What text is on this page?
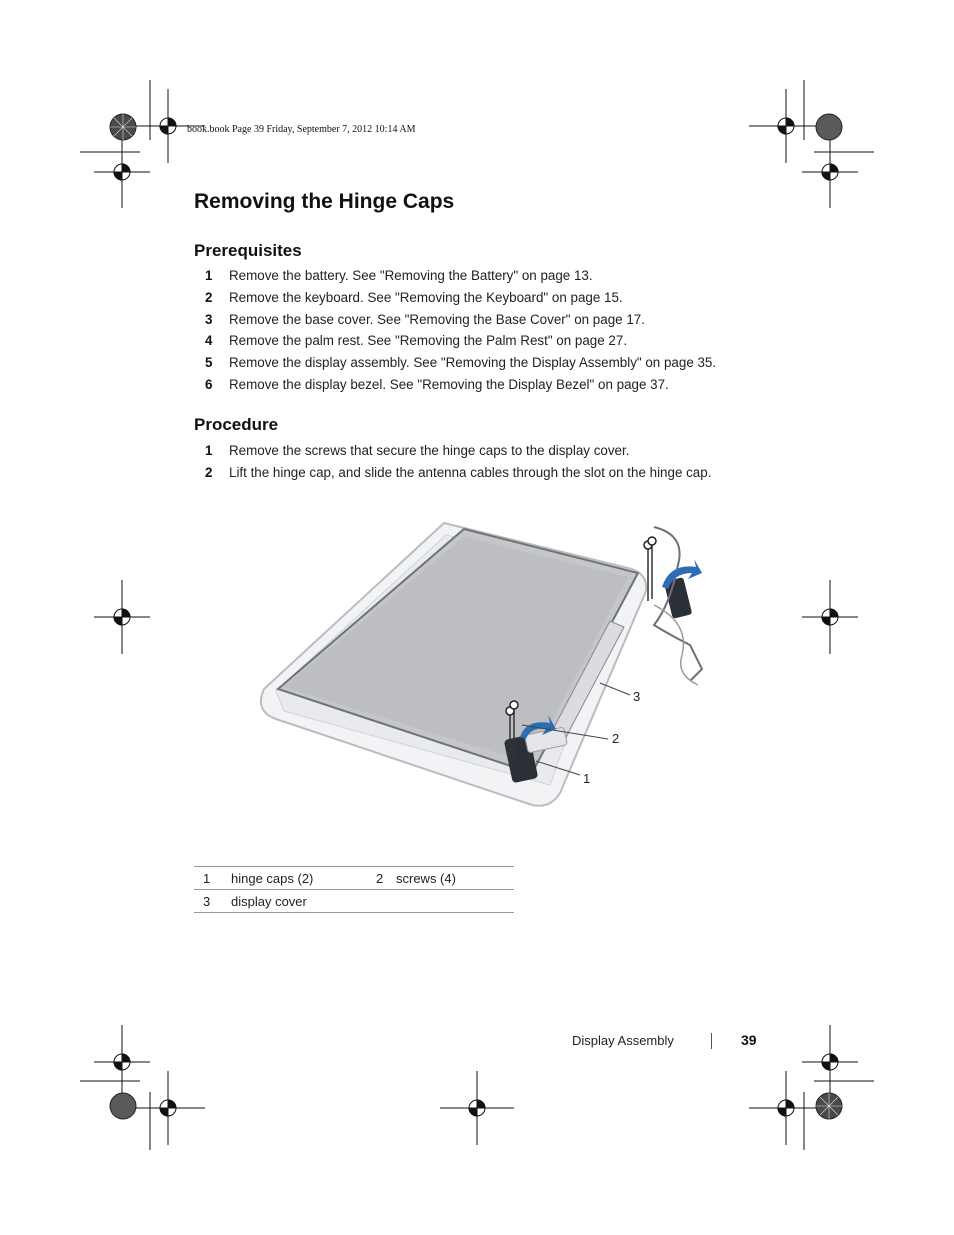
book.book Page 39 Friday, September 7, 2012 10:14 AM
Removing the Hinge Caps
Prerequisites
1 Remove the battery. See "Removing the Battery" on page 13.
2 Remove the keyboard. See "Removing the Keyboard" on page 15.
3 Remove the base cover. See "Removing the Base Cover" on page 17.
4 Remove the palm rest. See "Removing the Palm Rest" on page 27.
5 Remove the display assembly. See "Removing the Display Assembly" on page 35.
6 Remove the display bezel. See "Removing the Display Bezel" on page 37.
Procedure
1 Remove the screws that secure the hinge caps to the display cover.
2 Lift the hinge cap, and slide the antenna cables through the slot on the hinge cap.
3
2
1
1	hinge caps (2)	2	screws (4)
3	display cover		
Display Assembly	39
